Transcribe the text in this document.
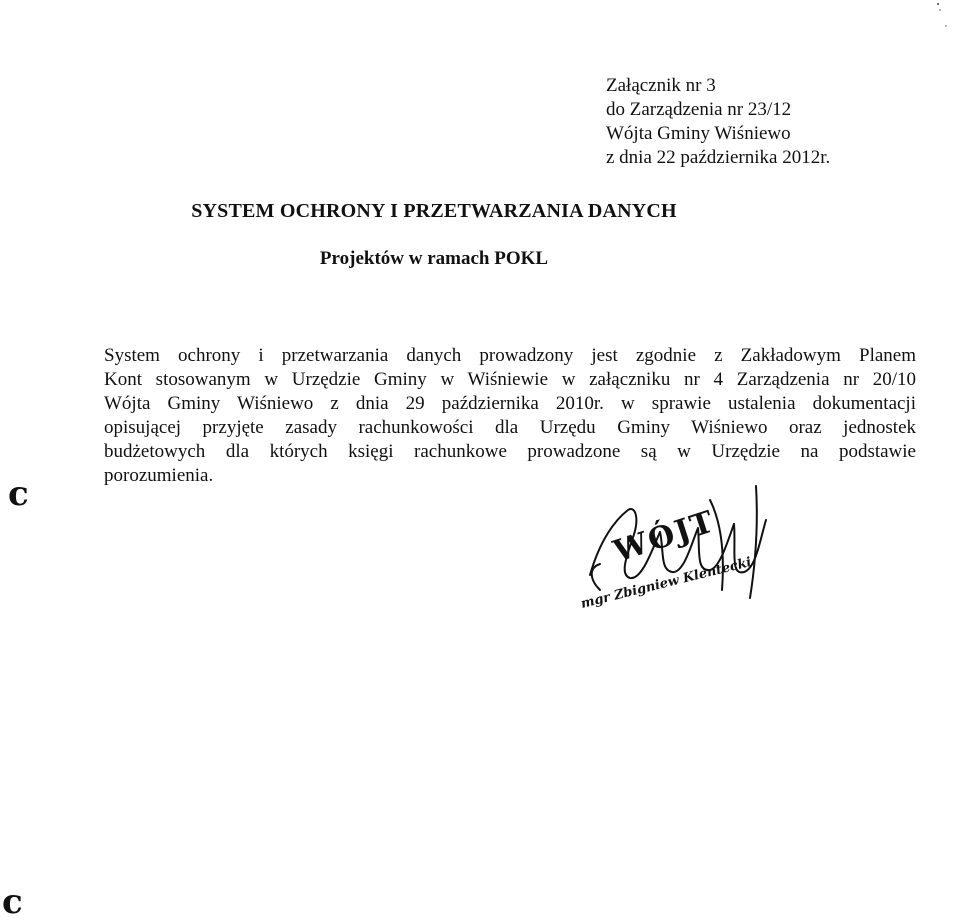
Załącznik nr 3
do Zarządzenia nr 23/12
Wójta Gminy Wiśniewo
z dnia 22 października 2012r.
SYSTEM OCHRONY I PRZETWARZANIA DANYCH
Projektów w ramach POKL
System ochrony i przetwarzania danych prowadzony jest zgodnie z Zakładowym Planem
Kont stosowanym w Urzędzie Gminy w Wiśniewie w załączniku nr 4 Zarządzenia nr 20/10
Wójta Gminy Wiśniewo z dnia 29 października 2010r. w sprawie ustalenia dokumentacji
opisującej przyjęte zasady rachunkowości dla Urzędu Gminy Wiśniewo oraz jednostek
budżetowych dla których księgi rachunkowe prowadzone są w Urzędzie na podstawie
porozumienia.
WÓJT
mgr Zbigniew Klentecki
c
c
